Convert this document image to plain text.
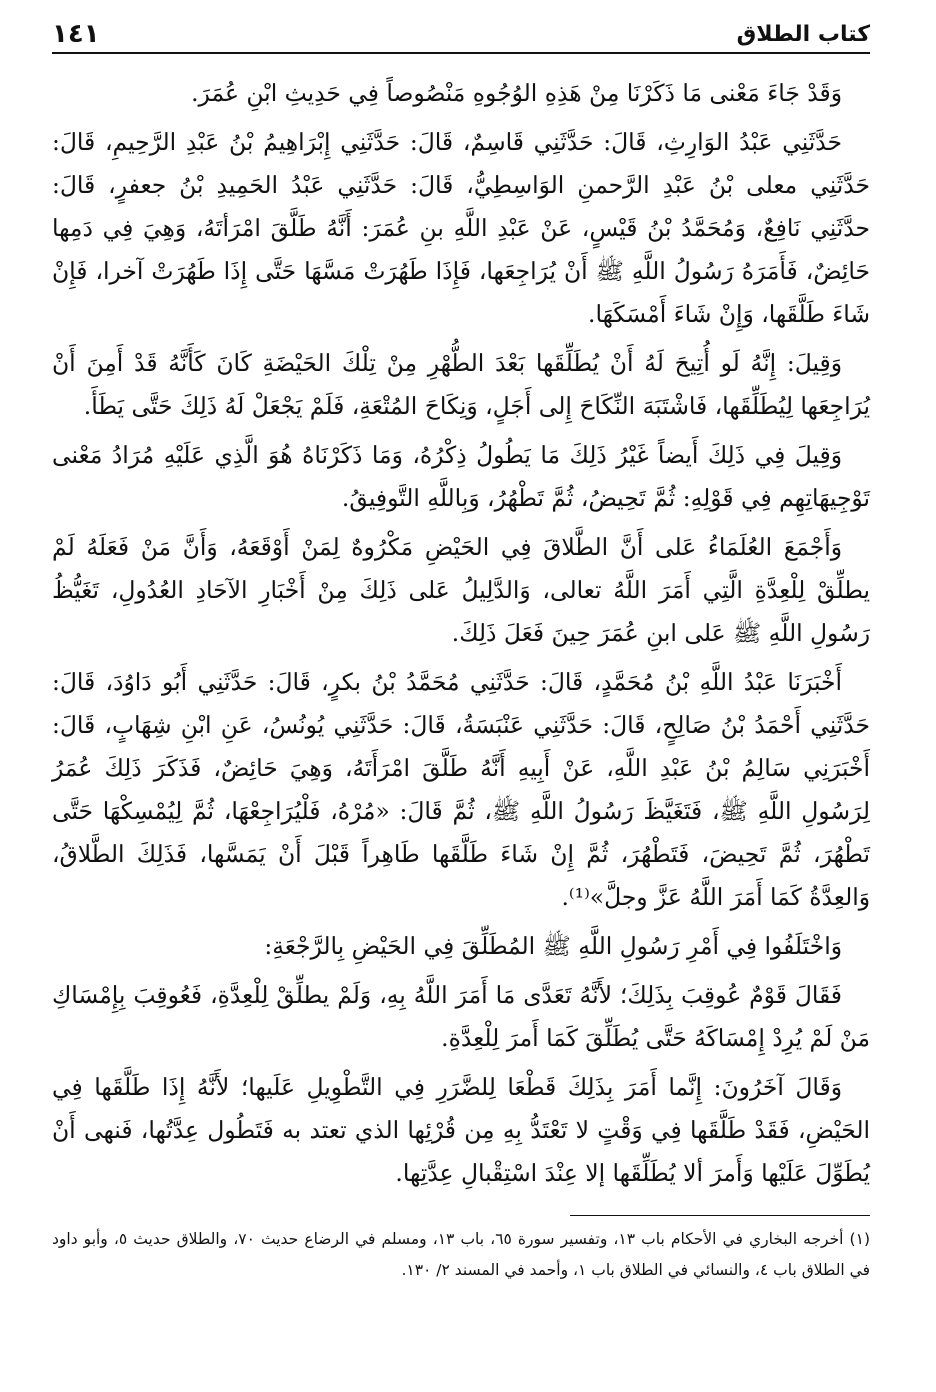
كتاب الطلاق
١٤١

وَقَدْ جَاءَ مَعْنى مَا ذَكَرْنَا مِنْ هَذِهِ الوُجُوهِ مَنْصُوصاً فِي حَدِيثِ ابْنِ عُمَرَ.

حَدَّثَنِي عَبْدُ الوَارِثِ، قَالَ: حَدَّثَنِي قَاسِمٌ، قَالَ: حَدَّثَنِي إِبْرَاهِيمُ بْنُ عَبْدِ الرَّحِيمِ، قَالَ: حَدَّثَنِي معلى بْنُ عَبْدِ الرَّحمنِ الوَاسِطِيُّ، قَالَ: حَدَّثَنِي عَبْدُ الحَمِيدِ بْنُ جعفرٍ، قَالَ: حدَّثَنِي نَافِعٌ، وَمُحَمَّدُ بْنُ قَيْسٍ، عَنْ عَبْدِ اللَّهِ بنِ عُمَرَ: أَنَّهُ طَلَّقَ امْرَأتَهُ، وَهِيَ فِي دَمِها حَائِضٌ، فَأَمَرَهُ رَسُولُ اللَّهِ ﷺ أَنْ يُرَاجِعَها، فَإِذَا طَهُرَتْ مَسَّهَا حَتَّى إِذَا طَهُرَتْ آخرا، فَإِنْ شَاءَ طَلَّقَها، وَإِنْ شَاءَ أَمْسَكَهَا.

وَقِيلَ: إِنَّهُ لَو أُتِيحَ لَهُ أَنْ يُطَلِّقَها بَعْدَ الطُّهْرِ مِنْ تِلْكَ الحَيْضَةِ كَانَ كَأَنَّهُ قَدْ أَمِنَ أَنْ يُرَاجِعَها لِيُطَلِّقَها، فَاشْتَبَهَ النِّكَاحَ إِلى أَجَلٍ، وَنِكَاحَ المُتْعَةِ، فَلَمْ يَجْعَلْ لَهُ ذَلِكَ حَتَّى يَطَأَ.

وَقِيلَ فِي ذَلِكَ أَيضاً غَيْرُ ذَلِكَ مَا يَطُولُ ذِكْرُهُ، وَمَا ذَكَرْنَاهُ هُوَ الَّذِي عَلَيْهِ مُرَادُ مَعْنى تَوْجِيهَاتِهِم فِي قَوْلِهِ: ثُمَّ تَحِيضُ، ثُمَّ تَطْهُرُ، وَبِاللَّهِ التَّوفِيقُ.

وَأَجْمَعَ العُلَمَاءُ عَلى أَنَّ الطَّلاقَ فِي الحَيْضِ مَكْرُوهٌ لِمَنْ أَوْقَعَهُ، وَأَنَّ مَنْ فَعَلَهُ لَمْ يطلِّقْ لِلْعِدَّةِ الَّتِي أَمَرَ اللَّهُ تعالى، وَالدَّلِيلُ عَلى ذَلِكَ مِنْ أَخْبَارِ الآحَادِ العُدُولِ، تَغَيُّظُ رَسُولِ اللَّهِ ﷺ عَلى ابنِ عُمَرَ حِينَ فَعَلَ ذَلِكَ.

أَخْبَرَنَا عَبْدُ اللَّهِ بْنُ مُحَمَّدٍ، قَالَ: حَدَّثَنِي مُحَمَّدُ بْنُ بكرٍ، قَالَ: حَدَّثَنِي أَبُو دَاوُدَ، قَالَ: حَدَّثَنِي أَحْمَدُ بْنُ صَالِحٍ، قَالَ: حَدَّثَنِي عَنْبَسَةُ، قَالَ: حَدَّثَنِي يُونُسُ، عَنِ ابْنِ شِهَابٍ، قَالَ: أَخْبَرَنِي سَالِمُ بْنُ عَبْدِ اللَّهِ، عَنْ أَبِيهِ أَنَّهُ طَلَّقَ امْرَأَتَهُ، وَهِيَ حَائِضٌ، فَذَكَرَ ذَلِكَ عُمَرُ لِرَسُولِ اللَّهِ ﷺ، فَتَغَيَّظَ رَسُولُ اللَّهِ ﷺ، ثُمَّ قَالَ: «مُرْهُ، فَلْيُرَاجِعْهَا، ثُمَّ لِيُمْسِكْهَا حَتَّى تَطْهُرَ، ثُمَّ تَحِيضَ، فَتَطْهُرَ، ثُمَّ إِنْ شَاءَ طَلَّقَها طَاهِراً قَبْلَ أَنْ يَمَسَّها، فَذَلِكَ الطَّلاقُ، وَالعِدَّةُ كَمَا أَمَرَ اللَّهُ عَزَّ وجلَّ»⁽¹⁾.

وَاخْتَلَفُوا فِي أَمْرِ رَسُولِ اللَّهِ ﷺ المُطَلِّقَ فِي الحَيْضِ بِالرَّجْعَةِ:

فَقَالَ قَوْمٌ عُوقِبَ بِذَلِكَ؛ لأَنَّهُ تَعَدَّى مَا أَمَرَ اللَّهُ بِهِ، وَلَمْ يطلِّقْ لِلْعِدَّةِ، فَعُوقِبَ بِإِمْسَاكِ مَنْ لَمْ يُرِدْ إِمْسَاكَهُ حَتَّى يُطَلِّقَ كَمَا أَمرَ لِلْعِدَّةِ.

وَقَالَ آخَرُونَ: إِنَّما أَمَرَ بِذَلِكَ قَطْعَا لِلضَّرَرِ فِي التَّطْوِيلِ عَلَيها؛ لأَنَّهُ إِذَا طَلَّقَها فِي الحَيْضِ، فَقَدْ طَلَّقَها فِي وَقْتٍ لا تَعْتَدُّ بِهِ مِن قُرْئِها الذي تعتد به فَتَطُول عِدَّتُها، فَنهى أَنْ يُطَوِّلَ عَلَيْها وَأَمرَ ألا يُطَلِّقَها إلا عِنْدَ اسْتِقْبالِ عِدَّتِها.

(١) أخرجه البخاري في الأحكام باب ١٣، وتفسير سورة ٦٥، باب ١٣، ومسلم في الرضاع حديث ٧٠، والطلاق حديث ٥، وأبو داود في الطلاق باب ٤، والنسائي في الطلاق باب ١، وأحمد في المسند ٢/ ١٣٠.
